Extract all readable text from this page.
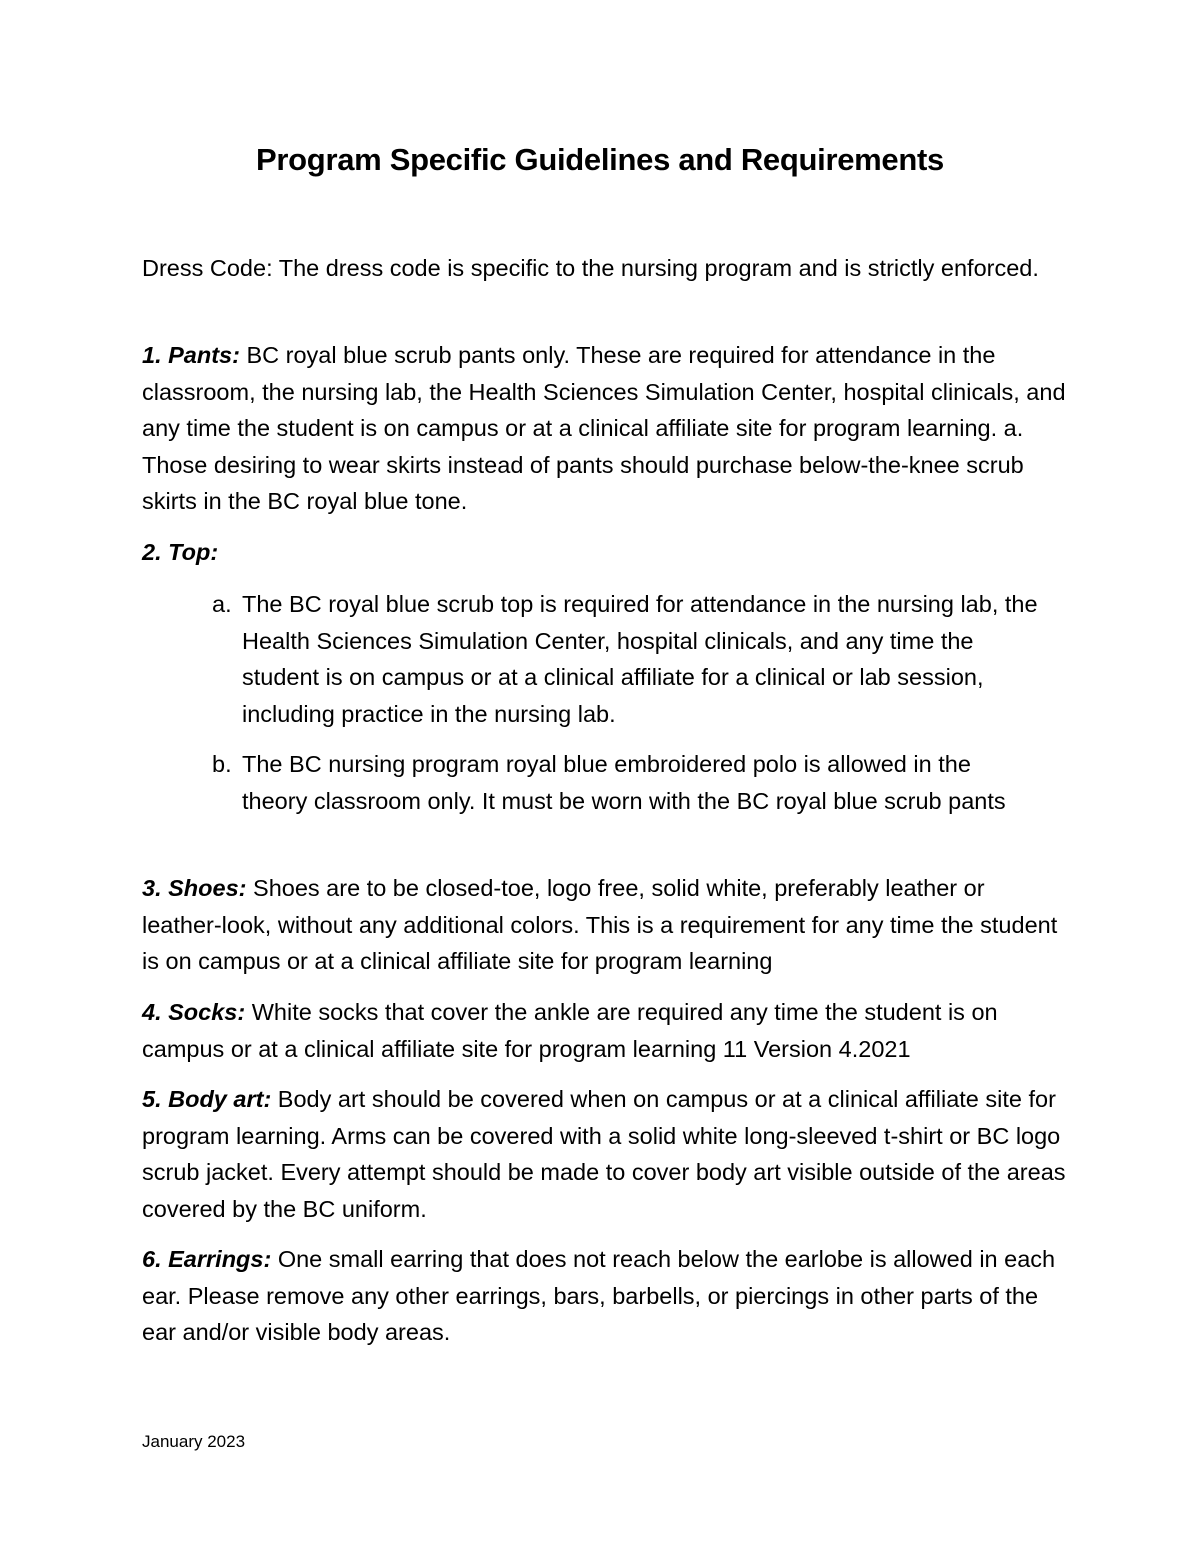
Program Specific Guidelines and Requirements
Dress Code: The dress code is specific to the nursing program and is strictly enforced.
1. Pants: BC royal blue scrub pants only. These are required for attendance in the classroom, the nursing lab, the Health Sciences Simulation Center, hospital clinicals, and any time the student is on campus or at a clinical affiliate site for program learning. a. Those desiring to wear skirts instead of pants should purchase below-the-knee scrub skirts in the BC royal blue tone.
2. Top:
a. The BC royal blue scrub top is required for attendance in the nursing lab, the Health Sciences Simulation Center, hospital clinicals, and any time the student is on campus or at a clinical affiliate for a clinical or lab session, including practice in the nursing lab.
b. The BC nursing program royal blue embroidered polo is allowed in the theory classroom only. It must be worn with the BC royal blue scrub pants
3. Shoes: Shoes are to be closed-toe, logo free, solid white, preferably leather or leather-look, without any additional colors. This is a requirement for any time the student is on campus or at a clinical affiliate site for program learning
4. Socks: White socks that cover the ankle are required any time the student is on campus or at a clinical affiliate site for program learning 11 Version 4.2021
5. Body art: Body art should be covered when on campus or at a clinical affiliate site for program learning. Arms can be covered with a solid white long-sleeved t-shirt or BC logo scrub jacket. Every attempt should be made to cover body art visible outside of the areas covered by the BC uniform.
6. Earrings: One small earring that does not reach below the earlobe is allowed in each ear. Please remove any other earrings, bars, barbells, or piercings in other parts of the ear and/or visible body areas.
January 2023
